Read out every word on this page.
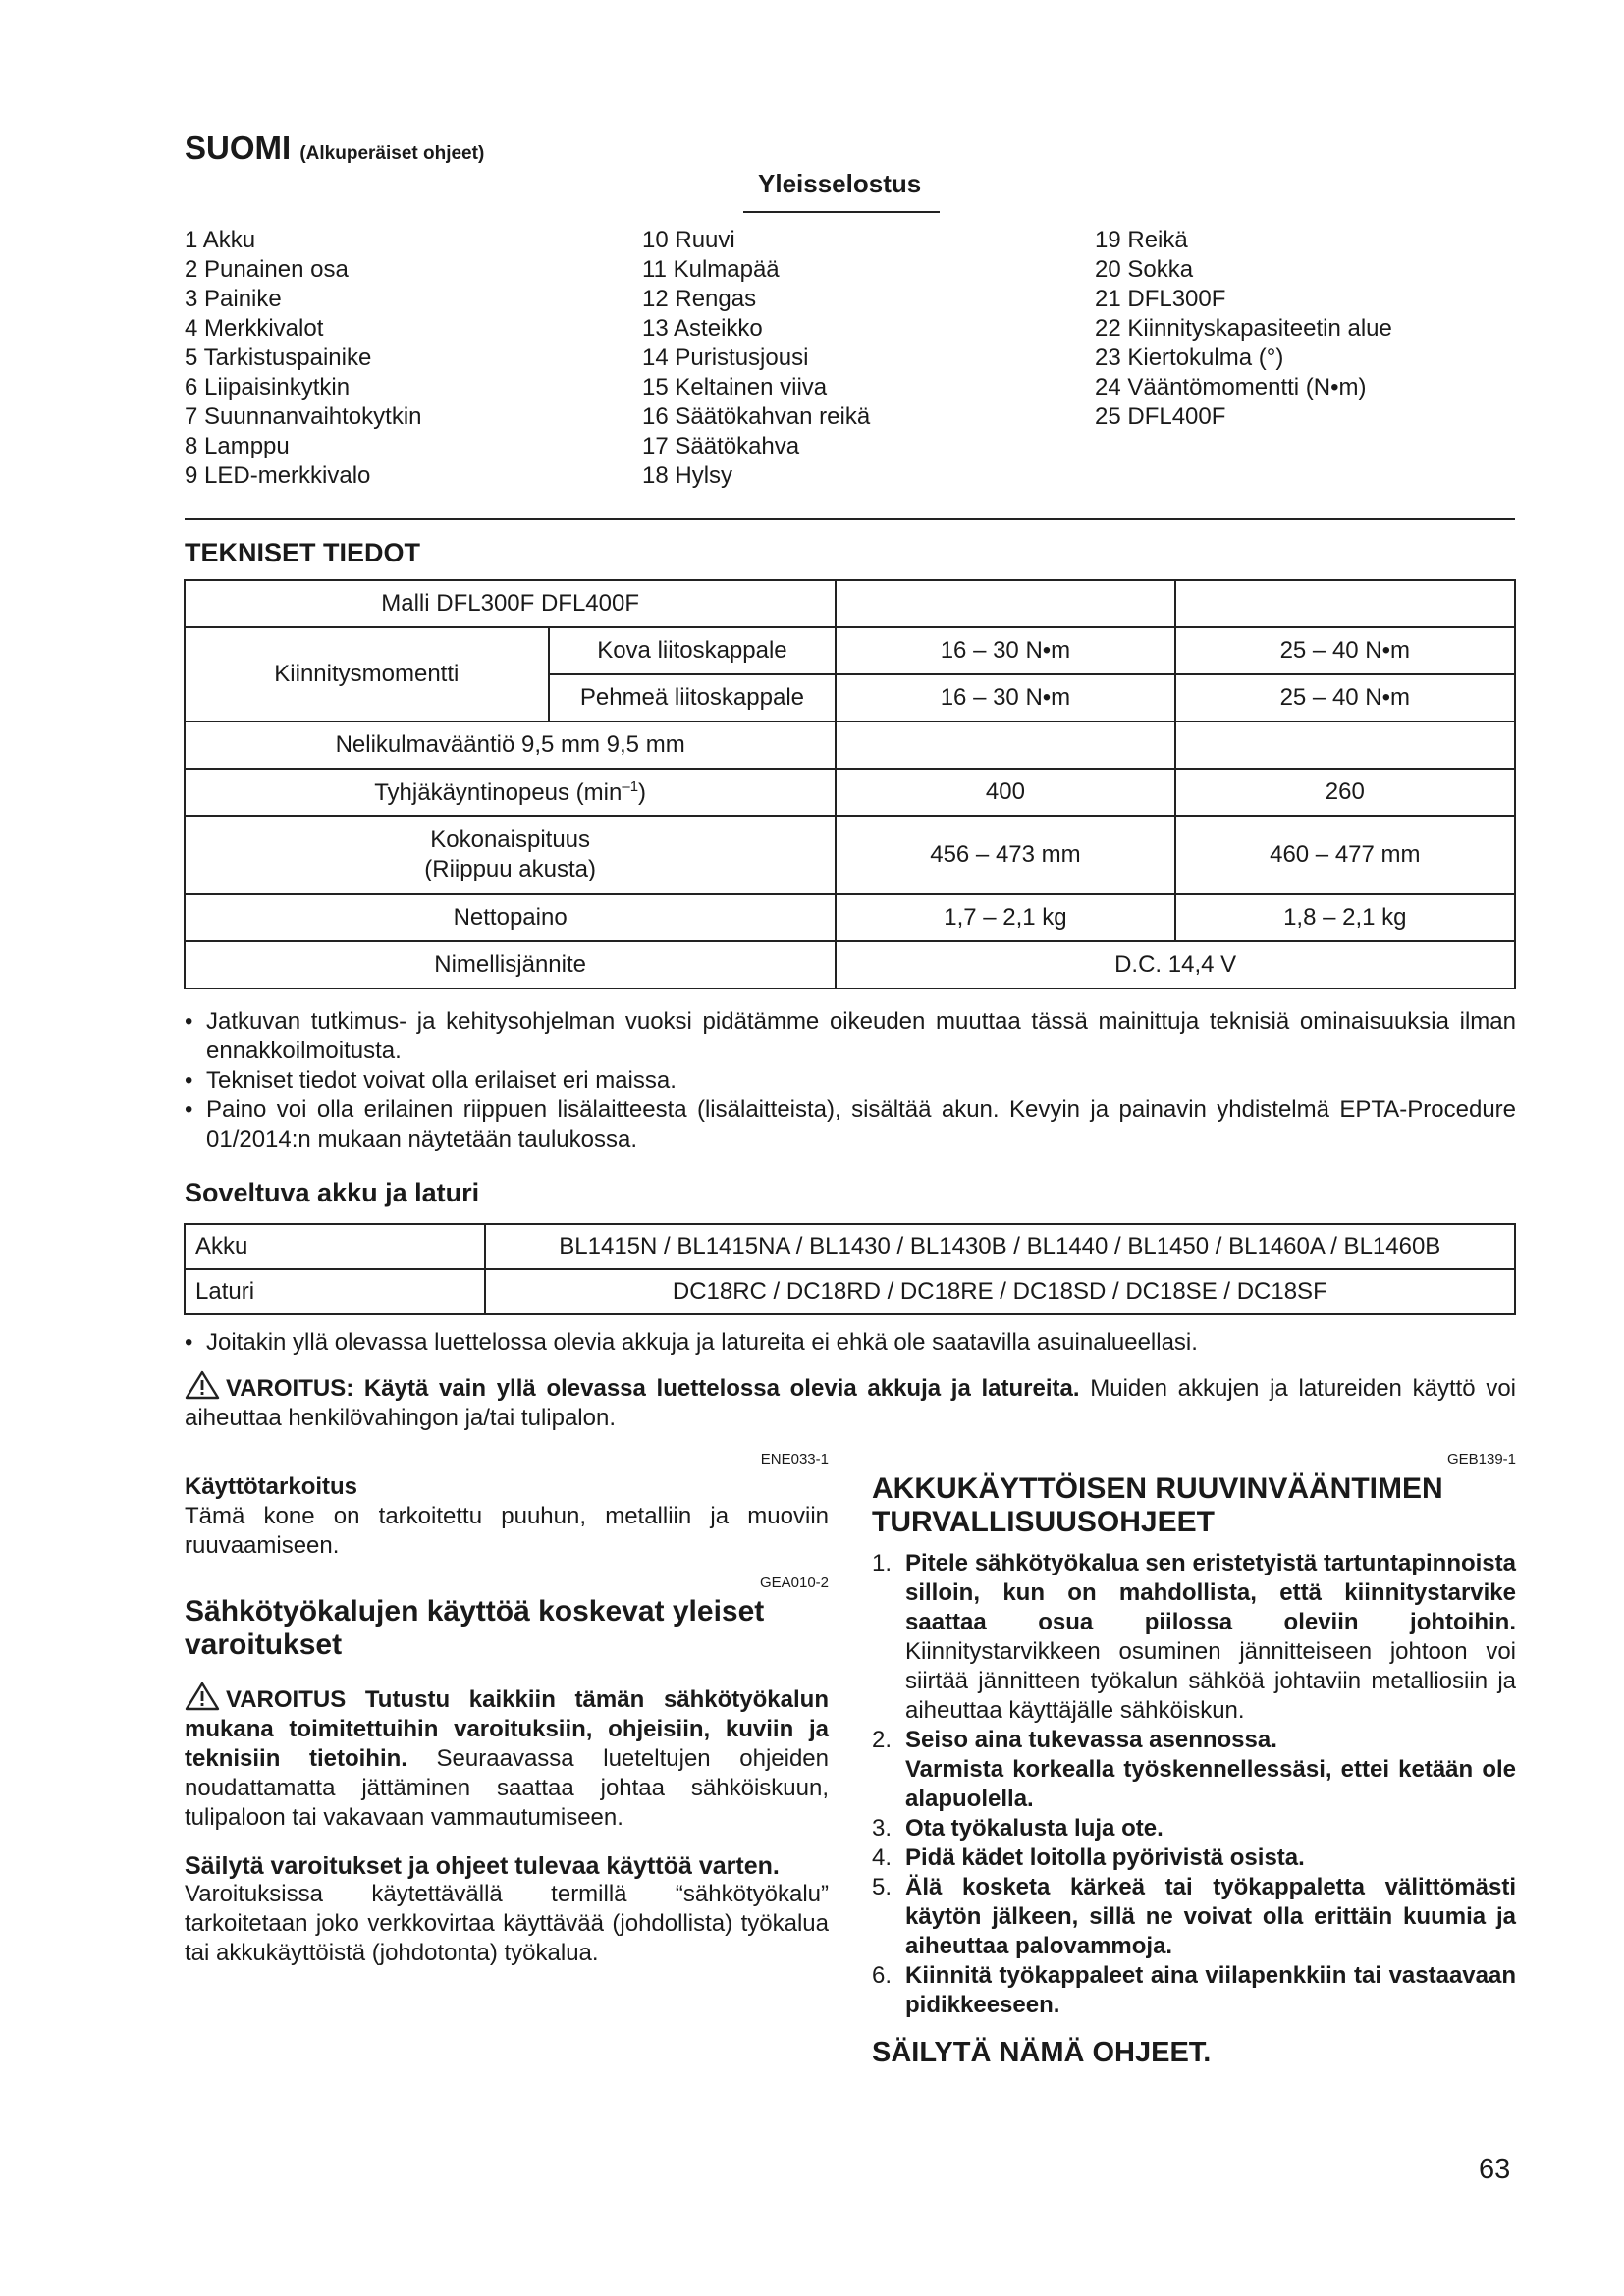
SUOMI (Alkuperäiset ohjeet)
Yleisselostus
1 Akku
2 Punainen osa
3 Painike
4 Merkkivalot
5 Tarkistuspainike
6 Liipaisinkytkin
7 Suunnanvaihtokytkin
8 Lamppu
9 LED-merkkivalo
10 Ruuvi
11 Kulmapää
12 Rengas
13 Asteikko
14 Puristusjousi
15 Keltainen viiva
16 Säätökahvan reikä
17 Säätökahva
18 Hylsy
19 Reikä
20 Sokka
21 DFL300F
22 Kiinnityskapasiteetin alue
23 Kiertokulma (°)
24 Vääntömomentti (N•m)
25 DFL400F
TEKNISET TIEDOT
Malli DFL300F DFL400F			
Kiinnitysmomentti	Kova liitoskappale	16 – 30 N•m	25 – 40 N•m
	Pehmeä liitoskappale	16 – 30 N•m	25 – 40 N•m
Nelikulmavääntiö 9,5 mm 9,5 mm			
Tyhjäkäyntinopeus $(\min^{-1})$		400	260

Kokonaispituus
(Riippuu akusta)		456 – 473 mm	460 – 477 mm
Nettopaino		1,7 – 2,1 kg	1,8 – 2,1 kg
Nimellisjännite		D.C. 14,4 V	
• Jatkuvan tutkimus- ja kehitysohjelman vuoksi pidätämme oikeuden muuttaa tässä mainittuja teknisiä ominaisuuksia ilman ennakkoilmoitusta.
• Tekniset tiedot voivat olla erilaiset eri maissa.
• Paino voi olla erilainen riippuen lisälaitteesta (lisälaitteista), sisältää akun. Kevyin ja painavin yhdistelmä EPTA-Procedure 01/2014:n mukaan näytetään taulukossa.
Soveltuva akku ja laturi
Akku	BL1415N / BL1415NA / BL1430 / BL1430B / BL1440 / BL1450 / BL1460A / BL1460B
Laturi	DC18RC / DC18RD / DC18RE / DC18SD / DC18SE / DC18SF
• Joitakin yllä olevassa luettelossa olevia akkuja ja latureita ei ehkä ole saatavilla asuinalueellasi.
VAROITUS: Käytä vain yllä olevassa luettelossa olevia akkuja ja latureita. Muiden akkujen ja latureiden käyttö voi aiheuttaa henkilövahingon ja/tai tulipalon.
ENE033-1
Käyttötarkoitus
Tämä kone on tarkoitettu puuhun, metalliin ja muoviin ruuvaamiseen.
GEA010-2
Sähkötyökalujen käyttöä koskevat yleiset varoitukset
VAROITUS Tutustu kaikkiin tämän sähkötyökalun mukana toimitettuihin varoituksiin, ohjeisiin, kuviin ja teknisiin tietoihin. Seuraavassa lueteltujen ohjeiden noudattamatta jättäminen saattaa johtaa sähköiskuun, tulipaloon tai vakavaan vammautumiseen.
Säilytä varoitukset ja ohjeet tulevaa käyttöä varten.
Varoituksissa käytettävällä termillä “sähkötyökalu” tarkoitetaan joko verkkovirtaa käyttävää (johdollista) työkalua tai akkukäyttöistä (johdotonta) työkalua.
GEB139-1
AKKUKÄYTTÖISEN RUUVINVÄÄNTIMEN TURVALLISUUSOHJEET
1. Pitele sähkötyökalua sen eristetyistä tartuntapinnoista silloin, kun on mahdollista, että kiinnitystarvike saattaa osua piilossa oleviin johtoihin. Kiinnitystarvikkeen osuminen jännitteiseen johtoon voi siirtää jännitteen työkalun sähköä johtaviin metalliosiin ja aiheuttaa käyttäjälle sähköiskun.
2. Seiso aina tukevassa asennossa.
Varmista korkealla työskennellessäsi, ettei ketään ole alapuolella.
3. Ota työkalusta luja ote.
4. Pidä kädet loitolla pyörivistä osista.
5. Älä kosketa kärkeä tai työkappaletta välittömästi käytön jälkeen, sillä ne voivat olla erittäin kuumia ja aiheuttaa palovammoja.
6. Kiinnitä työkappaleet aina viilapenkkiin tai vastaavaan pidikkeeseen.
SÄILYTÄ NÄMÄ OHJEET.
63
